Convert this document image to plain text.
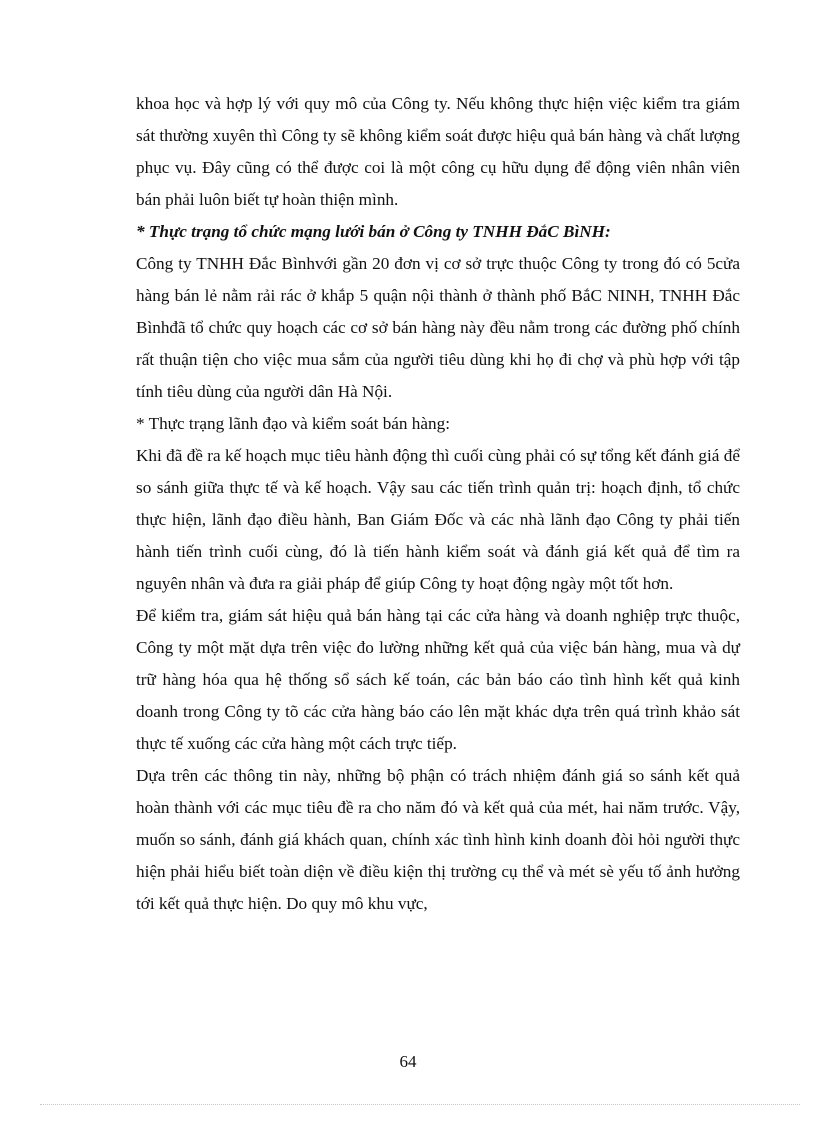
khoa học và hợp lý với quy mô của Công ty. Nếu không thực hiện việc kiểm tra giám sát thường xuyên thì Công ty sẽ không kiểm soát được hiệu quả bán hàng và chất lượng phục vụ. Đây cũng có thể được coi là một công cụ hữu dụng để động viên nhân viên bán phải luôn biết tự hoàn thiện mình.

* Thực trạng tổ chức mạng lưới bán ở Công ty TNHH ĐắC BìNH:

Công ty TNHH Đắc Bìnhvới gần 20 đơn vị cơ sở trực thuộc Công ty trong đó có 5cửa hàng bán lẻ nằm rải rác ở khắp 5 quận nội thành ở thành phố BắC NINH, TNHH Đắc Bìnhđã tổ chức quy hoạch các cơ sở bán hàng này đều nằm trong các đường phố chính rất thuận tiện cho việc mua sắm của người tiêu dùng khi họ đi chợ và phù hợp với tập tính tiêu dùng của người dân Hà Nội.

* Thực trạng lãnh đạo và kiểm soát bán hàng:

Khi đã đề ra kế hoạch mục tiêu hành động thì cuối cùng phải có sự tổng kết đánh giá để so sánh giữa thực tế và kế hoạch. Vậy sau các tiến trình quản trị: hoạch định, tổ chức thực hiện, lãnh đạo điều hành, Ban Giám Đốc và các nhà lãnh đạo Công ty phải tiến hành tiến trình cuối cùng, đó là tiến hành kiểm soát và đánh giá kết quả để tìm ra nguyên nhân và đưa ra giải pháp để giúp Công ty hoạt động ngày một tốt hơn.

Để kiểm tra, giám sát hiệu quả bán hàng tại các cửa hàng và doanh nghiệp trực thuộc, Công ty một mặt dựa trên việc đo lường những kết quả của việc bán hàng, mua và dự trữ hàng hóa qua hệ thống sổ sách kế toán, các bản báo cáo tình hình kết quả kinh doanh trong Công ty tõ các cửa hàng báo cáo lên mặt khác dựa trên quá trình khảo sát thực tế xuống các cửa hàng một cách trực tiếp.

Dựa trên các thông tin này, những bộ phận có trách nhiệm đánh giá so sánh kết quả hoàn thành với các mục tiêu đề ra cho năm đó và kết quả của mét, hai năm trước. Vậy, muốn so sánh, đánh giá khách quan, chính xác tình hình kinh doanh đòi hỏi người thực hiện phải hiểu biết toàn diện về điều kiện thị trường cụ thể và mét sè yếu tố ảnh hưởng tới kết quả thực hiện. Do quy mô khu vực,

64
